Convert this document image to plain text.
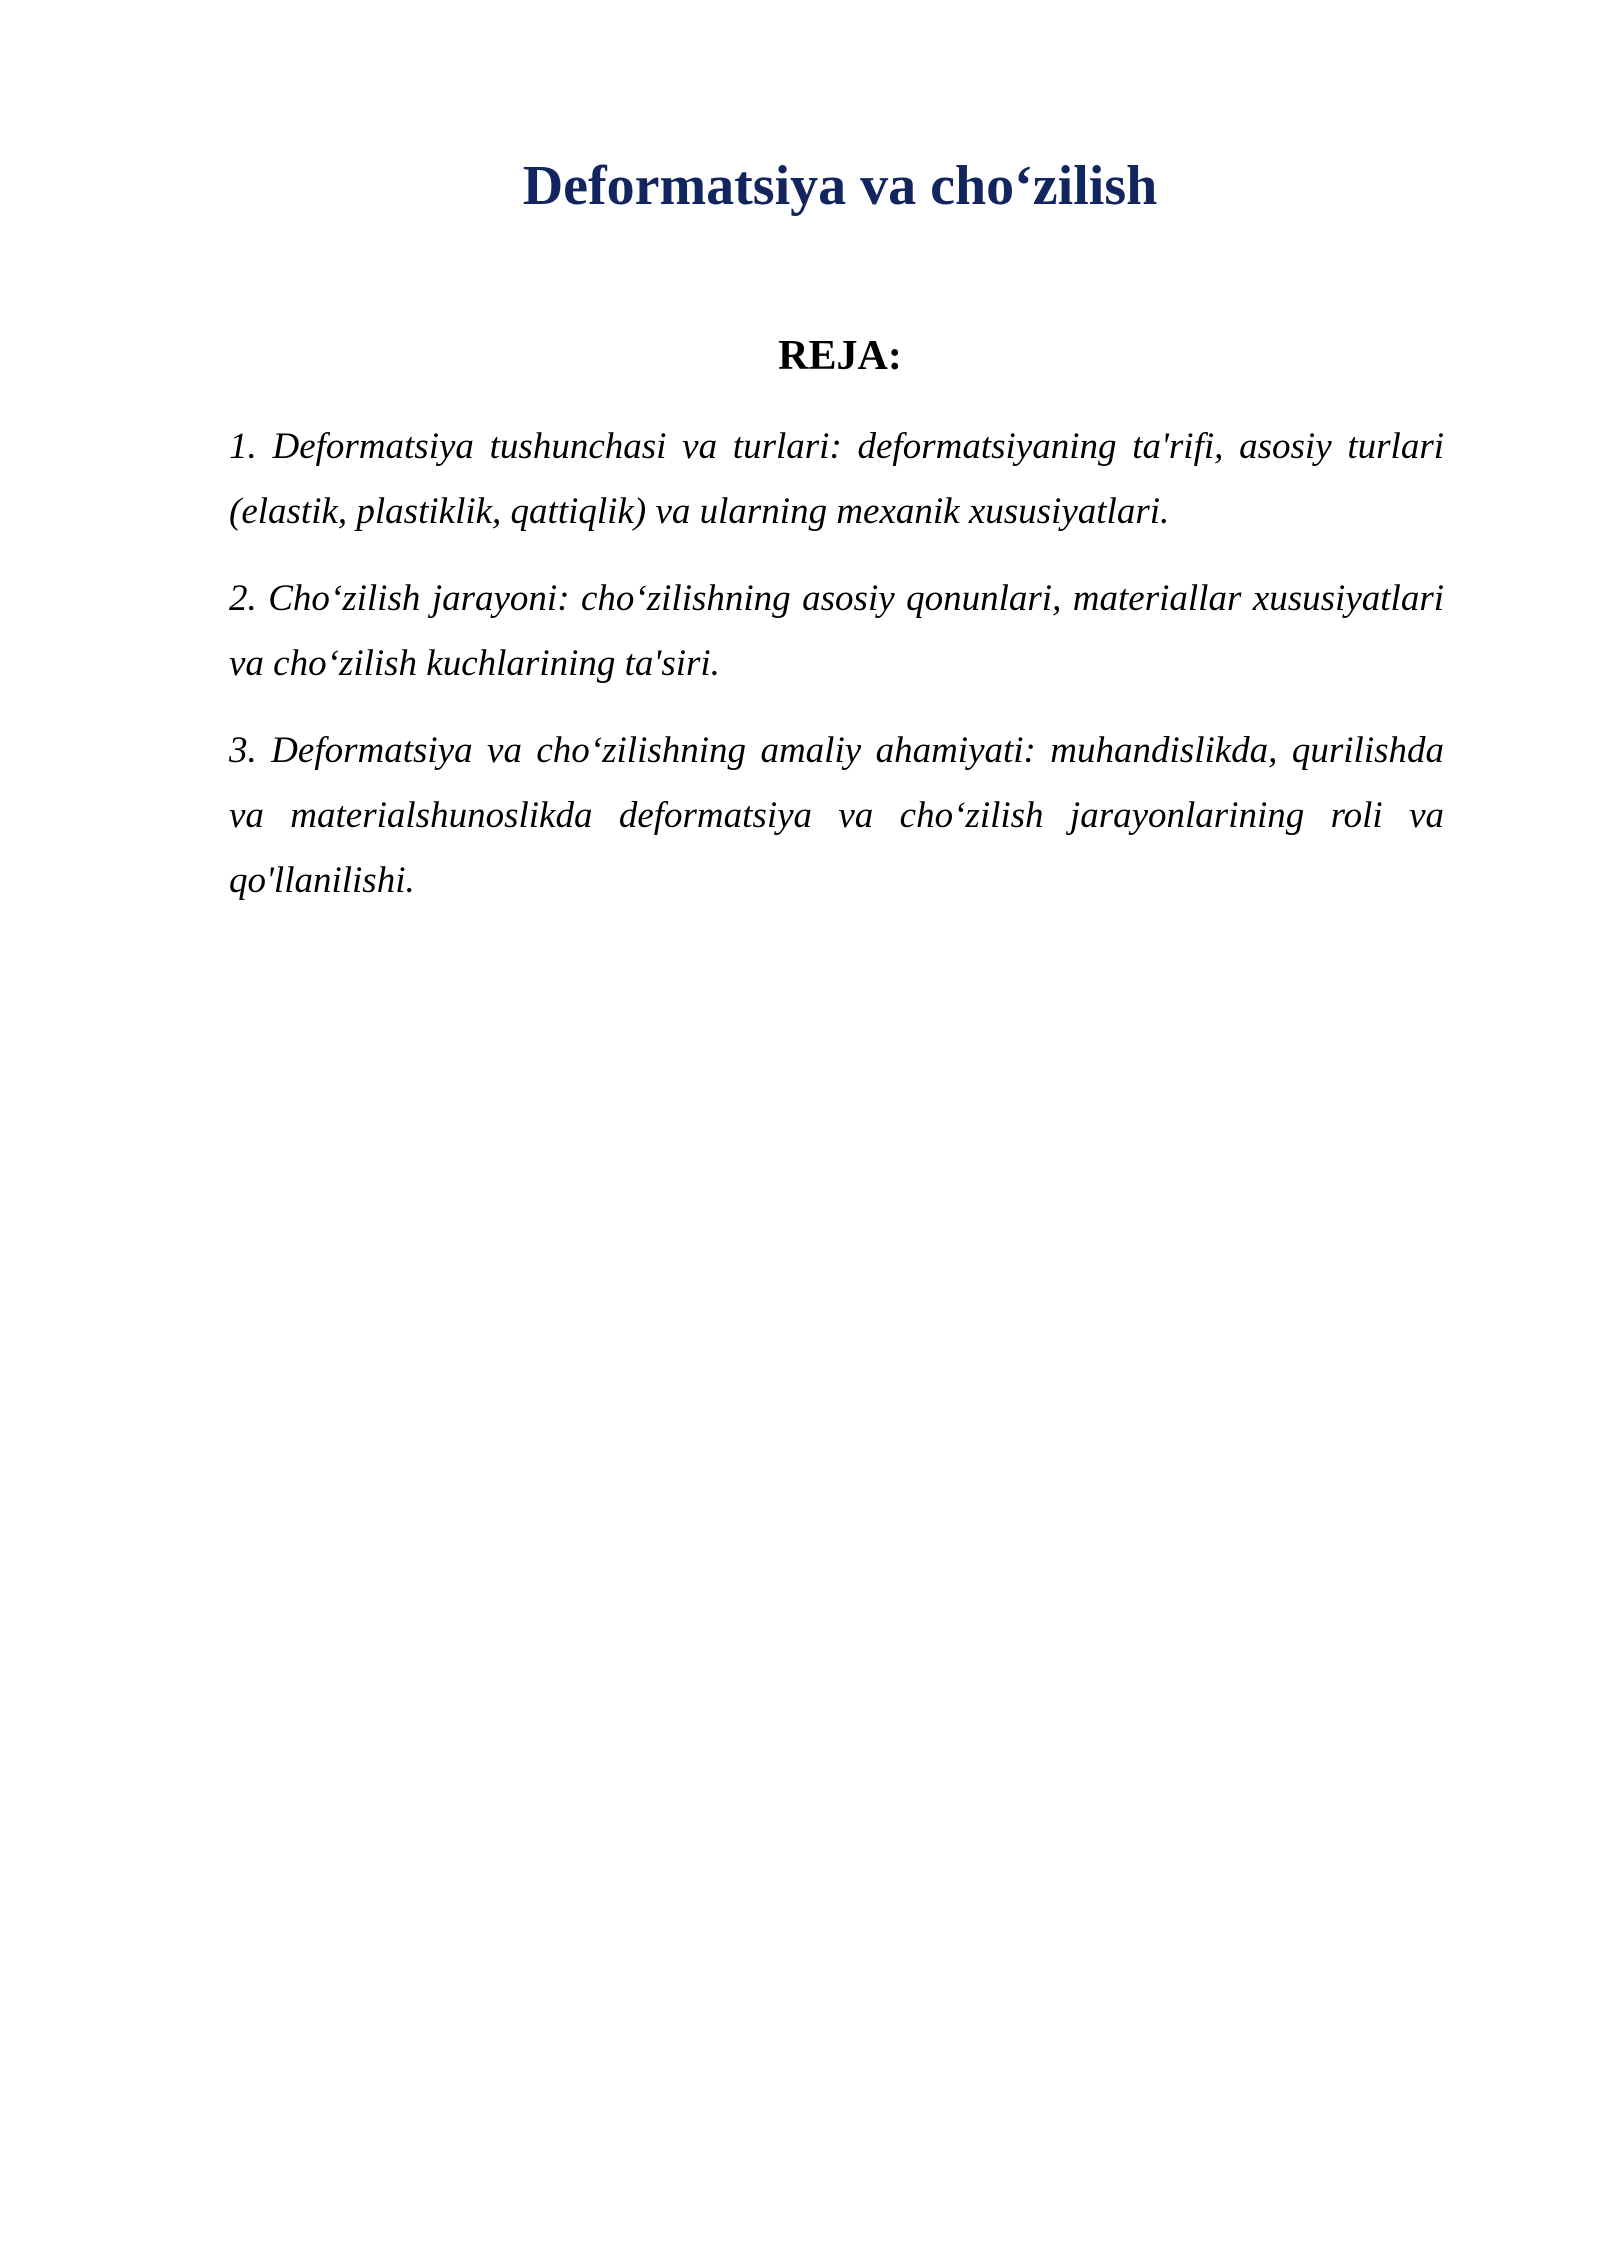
Deformatsiya va cho‘zilish
REJA:
1. Deformatsiya tushunchasi va turlari: deformatsiyaning ta'rifi, asosiy turlari (elastik, plastiklik, qattiqlik) va ularning mexanik xususiyatlari.
2. Cho‘zilish jarayoni: cho‘zilishning asosiy qonunlari, materiallar xususiyatlari va cho‘zilish kuchlarining ta'siri.
3. Deformatsiya va cho‘zilishning amaliy ahamiyati: muhandislikda, qurilishda va materialshunoslikda deformatsiya va cho‘zilish jarayonlarining roli va qo'llanilishi.
